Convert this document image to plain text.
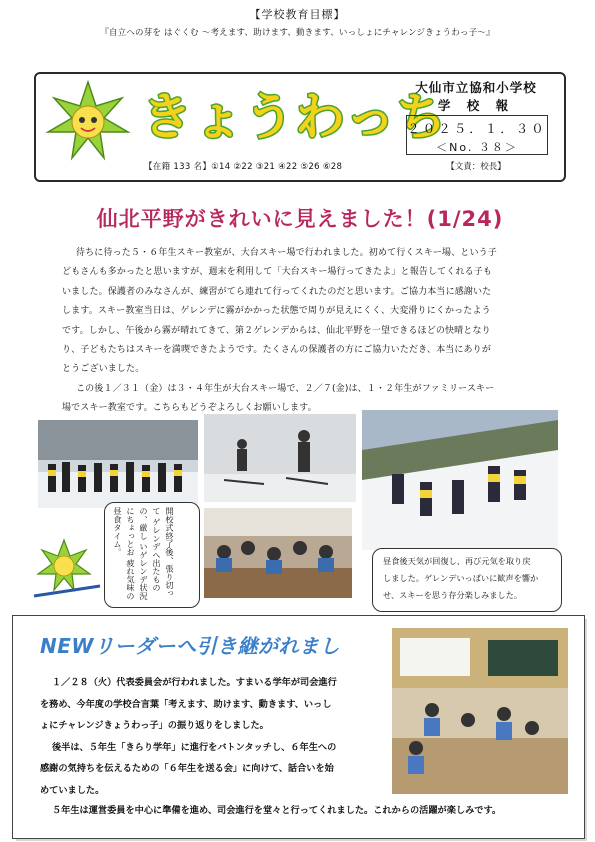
【学校教育目標】
『自立への芽を はぐくむ ～考えます、助けます、動きます、いっしょにチャレンジきょうわっ子～』
きょうわっち
【在籍 133 名】①14 ②22 ③21 ④22 ⑤26 ⑥28
大仙市立協和小学校
学 校 報
２０２５．１．３０
＜No. ３８＞
【文責：校長】
仙北平野がきれいに見えました！(1/24)
待ちに待った５・６年生スキー教室が、大台スキー場で行われました。初めて行くスキー場、という子
どもさんも多かったと思いますが、週末を利用して「大台スキー場行ってきたよ」と報告してくれる子も
いました。保護者のみなさんが、練習がてら連れて行ってくれたのだと思います。ご協力本当に感謝いた
します。スキー教室当日は、ゲレンデに霧がかかった状態で周りが見えにくく、大変滑りにくかったよう
です。しかし、午後から霧が晴れてきて、第２ゲレンデからは、仙北平野を一望できるほどの快晴となり
り、子どもたちはスキーを満喫できたようです。たくさんの保護者の方にご協力いただき、本当にありが
とうございました。
この後１／３１（金）は３・４年生が大台スキー場で、２／７(金)は、１・２年生がファミリースキー
場でスキー教室です。こちらもどうぞよろしくお願いします。
開校式終了後、張り切って ゲレンデへ出たものの、厳し いゲレンデ状況にちょっとお 疲れ気味の昼食タイム。
昼食後天気が回復し、再び元気を取り戻
しました。ゲレンデいっぱいに歓声を響か
せ、スキーを思う存分楽しみました。
NEWリーダーへ引き継がれまし
１／２８（火）代表委員会が行われました。すまいる学年が司会進行
を務め、今年度の学校合言葉「考えます、助けます、動きます、いっし
ょにチャレンジきょうわっ子」の振り返りをしました。
後半は、５年生「きらり学年」に進行をバトンタッチし、６年生への
感謝の気持ちを伝えるための「６年生を送る会」に向けて、話合いを始
めていました。
５年生は運営委員を中心に準備を進め、司会進行を堂々と行ってくれました。これからの活躍が楽しみです。
